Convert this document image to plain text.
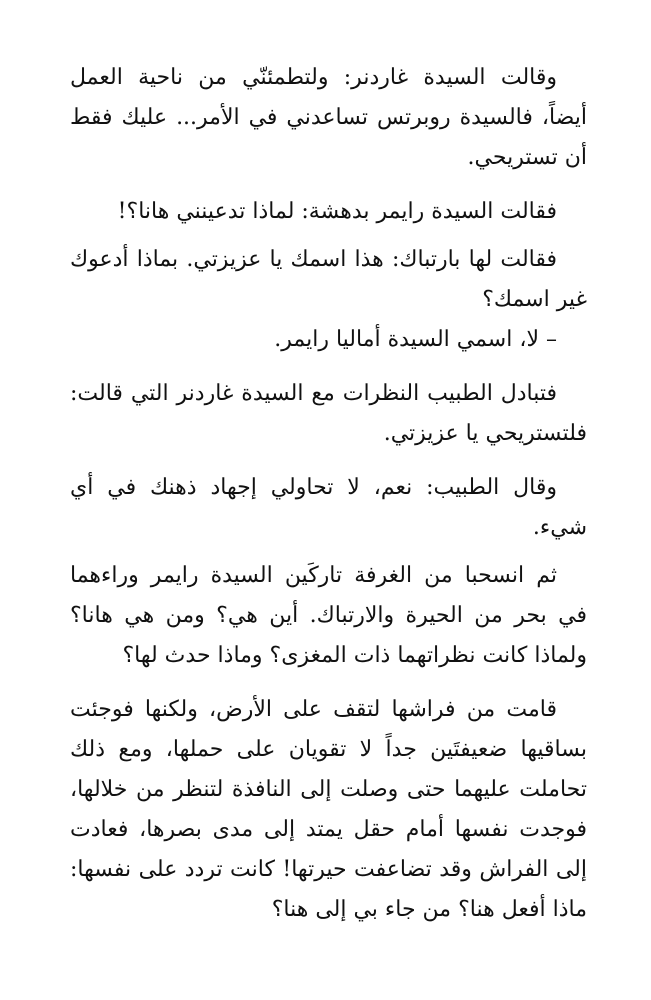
وقالت السيدة غاردنر: ولتطمئنّي من ناحية العمل أيضاً، فالسيدة روبرتس تساعدني في الأمر... عليك فقط أن تستريحي.

فقالت السيدة رايمر بدهشة: لماذا تدعينني هانا؟!

فقالت لها بارتباك: هذا اسمك يا عزيزتي. بماذا أدعوك غير اسمك؟

– لا، اسمي السيدة أماليا رايمر.

فتبادل الطبيب النظرات مع السيدة غاردنر التي قالت: فلتستريحي يا عزيزتي.

وقال الطبيب: نعم، لا تحاولي إجهاد ذهنك في أي شيء.

ثم انسحبا من الغرفة تاركَين السيدة رايمر وراءهما في بحر من الحيرة والارتباك. أين هي؟ ومن هي هانا؟ ولماذا كانت نظراتهما ذات المغزى؟ وماذا حدث لها؟

قامت من فراشها لتقف على الأرض، ولكنها فوجئت بساقيها ضعيفتَين جداً لا تقويان على حملها، ومع ذلك تحاملت عليهما حتى وصلت إلى النافذة لتنظر من خلالها، فوجدت نفسها أمام حقل يمتد إلى مدى بصرها، فعادت إلى الفراش وقد تضاعفت حيرتها! كانت تردد على نفسها: ماذا أفعل هنا؟ من جاء بي إلى هنا؟
